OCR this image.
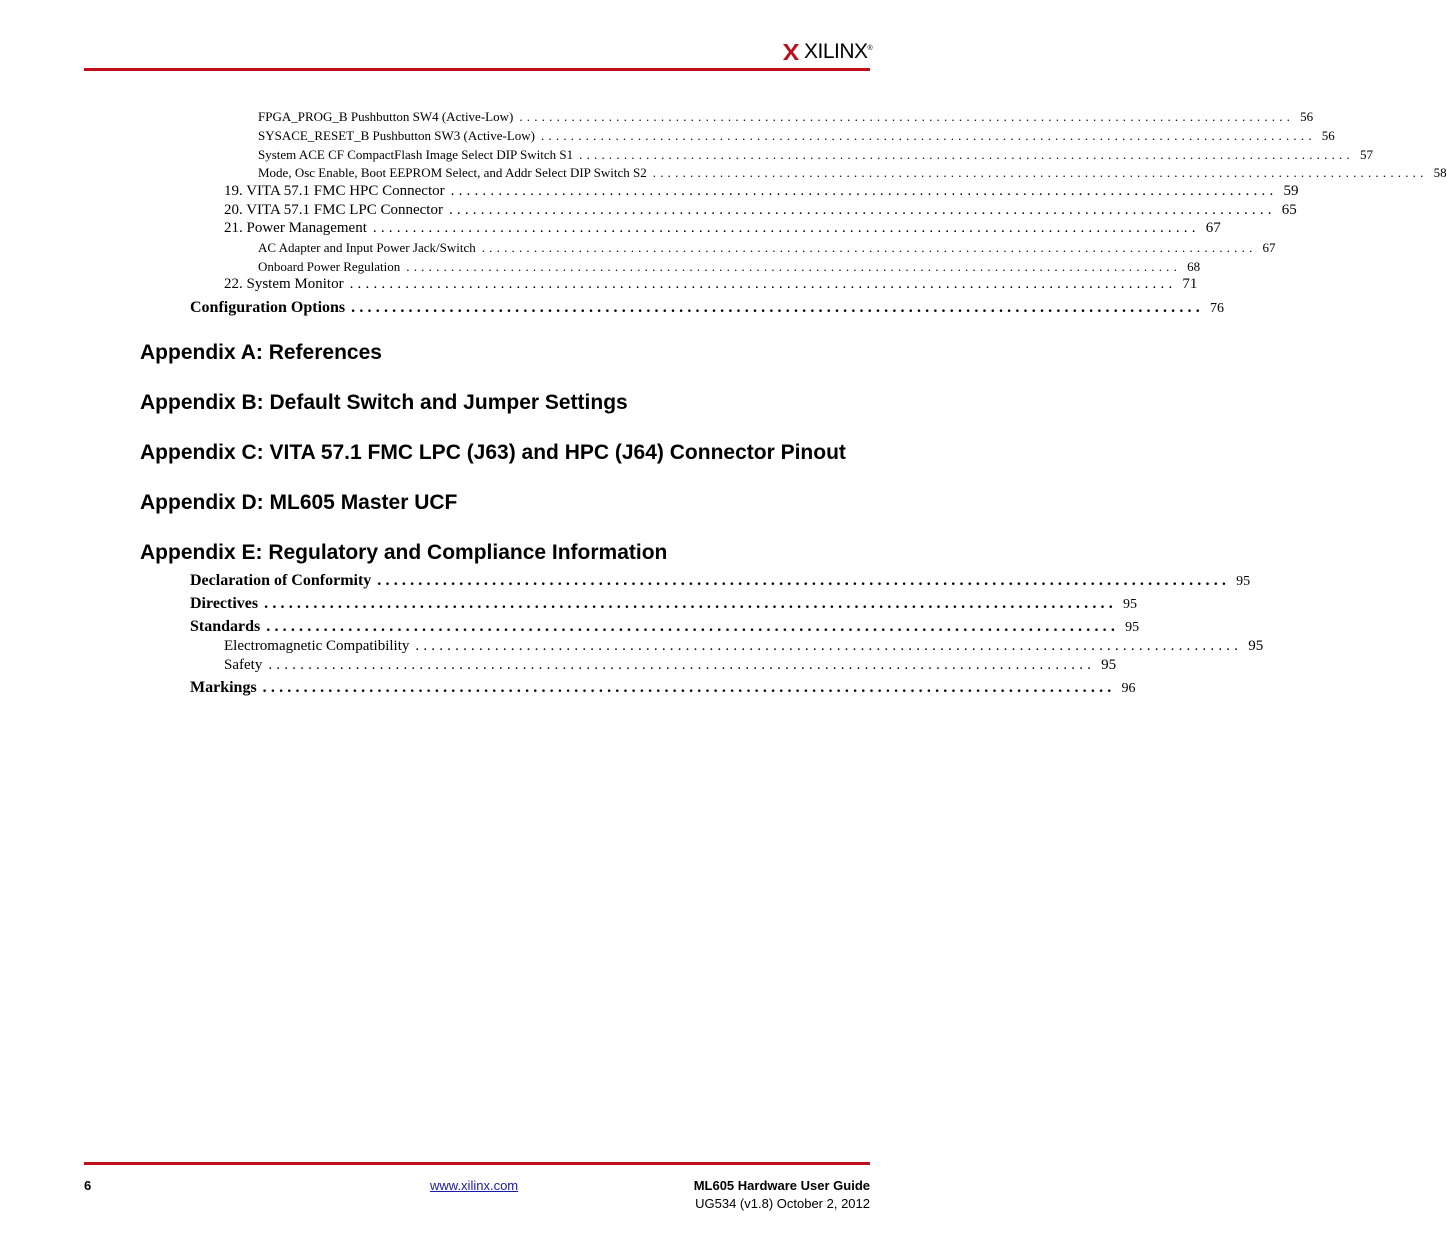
XILINX®
FPGA_PROG_B Pushbutton SW4 (Active-Low) ........................................................................................................ 56
SYSACE_RESET_B Pushbutton SW3 (Active-Low) ........................................................................................................ 56
System ACE CF CompactFlash Image Select DIP Switch S1 ........................................................................................................ 57
Mode, Osc Enable, Boot EEPROM Select, and Addr Select DIP Switch S2 ........................................................................................................ 58
19. VITA 57.1 FMC HPC Connector ........................................................................................................ 59
20. VITA 57.1 FMC LPC Connector ........................................................................................................ 65
21. Power Management ........................................................................................................ 67
AC Adapter and Input Power Jack/Switch ........................................................................................................ 67
Onboard Power Regulation ........................................................................................................ 68
22. System Monitor ........................................................................................................ 71
Configuration Options ........................................................................................................ 76
Appendix A: References
Appendix B: Default Switch and Jumper Settings
Appendix C: VITA 57.1 FMC LPC (J63) and HPC (J64) Connector Pinout
Appendix D: ML605 Master UCF
Appendix E: Regulatory and Compliance Information
Declaration of Conformity ........................................................................................................ 95
Directives ........................................................................................................ 95
Standards ........................................................................................................ 95
Electromagnetic Compatibility ........................................................................................................ 95
Safety ........................................................................................................ 95
Markings ........................................................................................................ 96
6	www.xilinx.com	ML605 Hardware User Guide
UG534 (v1.8) October 2, 2012
